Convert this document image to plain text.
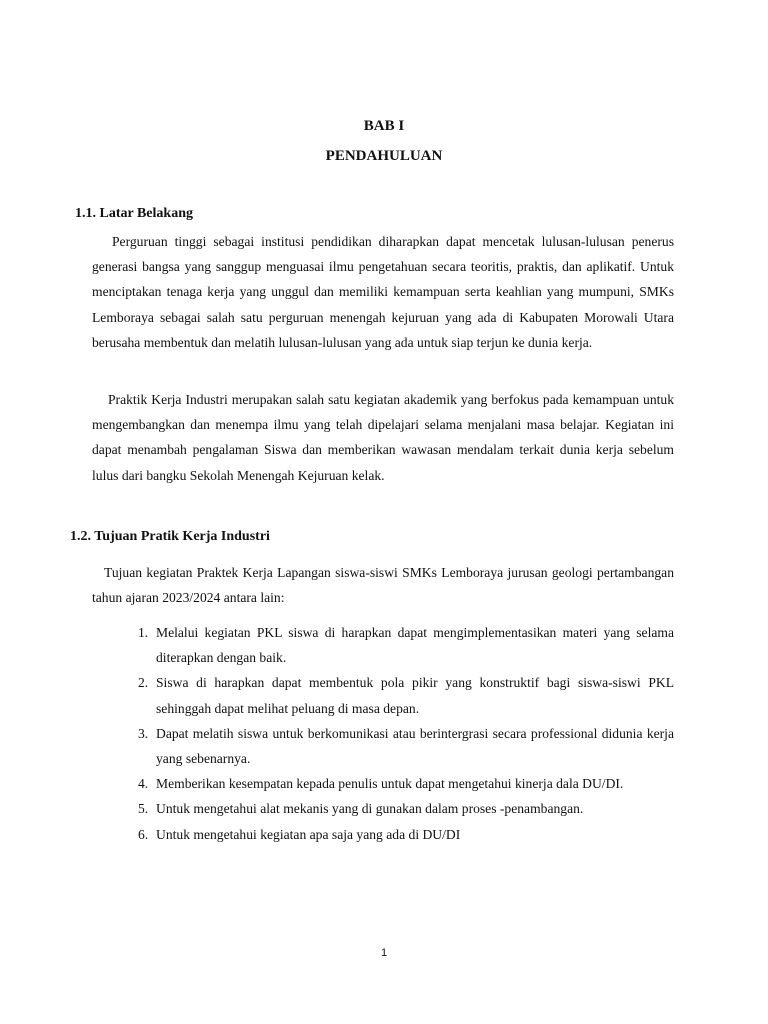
BAB I
PENDAHULUAN
1.1. Latar Belakang

Perguruan tinggi sebagai institusi pendidikan diharapkan dapat mencetak lulusan-lulusan penerus generasi bangsa yang sanggup menguasai ilmu pengetahuan secara teoritis, praktis, dan aplikatif. Untuk menciptakan tenaga kerja yang unggul dan memiliki kemampuan serta keahlian yang mumpuni, SMKs Lemboraya sebagai salah satu perguruan menengah kejuruan yang ada di Kabupaten Morowali Utara berusaha membentuk dan melatih lulusan-lulusan yang ada untuk siap terjun ke dunia kerja.

Praktik Kerja Industri merupakan salah satu kegiatan akademik yang berfokus pada kemampuan untuk mengembangkan dan menempa ilmu yang telah dipelajari selama menjalani masa belajar. Kegiatan ini dapat menambah pengalaman Siswa dan memberikan wawasan mendalam terkait dunia kerja sebelum lulus dari bangku Sekolah Menengah Kejuruan kelak.

1.2. Tujuan Pratik Kerja Industri

Tujuan kegiatan Praktek Kerja Lapangan siswa-siswi SMKs Lemboraya jurusan geologi pertambangan tahun ajaran 2023/2024 antara lain:

1. Melalui kegiatan PKL siswa di harapkan dapat mengimplementasikan materi yang selama diterapkan dengan baik.
2. Siswa di harapkan dapat membentuk pola pikir yang konstruktif bagi siswa-siswi PKL sehinggah dapat melihat peluang di masa depan.
3. Dapat melatih siswa untuk berkomunikasi atau berintergrasi secara professional didunia kerja yang sebenarnya.
4. Memberikan kesempatan kepada penulis untuk dapat mengetahui kinerja dala DU/DI.
5. Untuk mengetahui alat mekanis yang di gunakan dalam proses -penambangan.
6. Untuk mengetahui kegiatan apa saja yang ada di DU/DI
1
